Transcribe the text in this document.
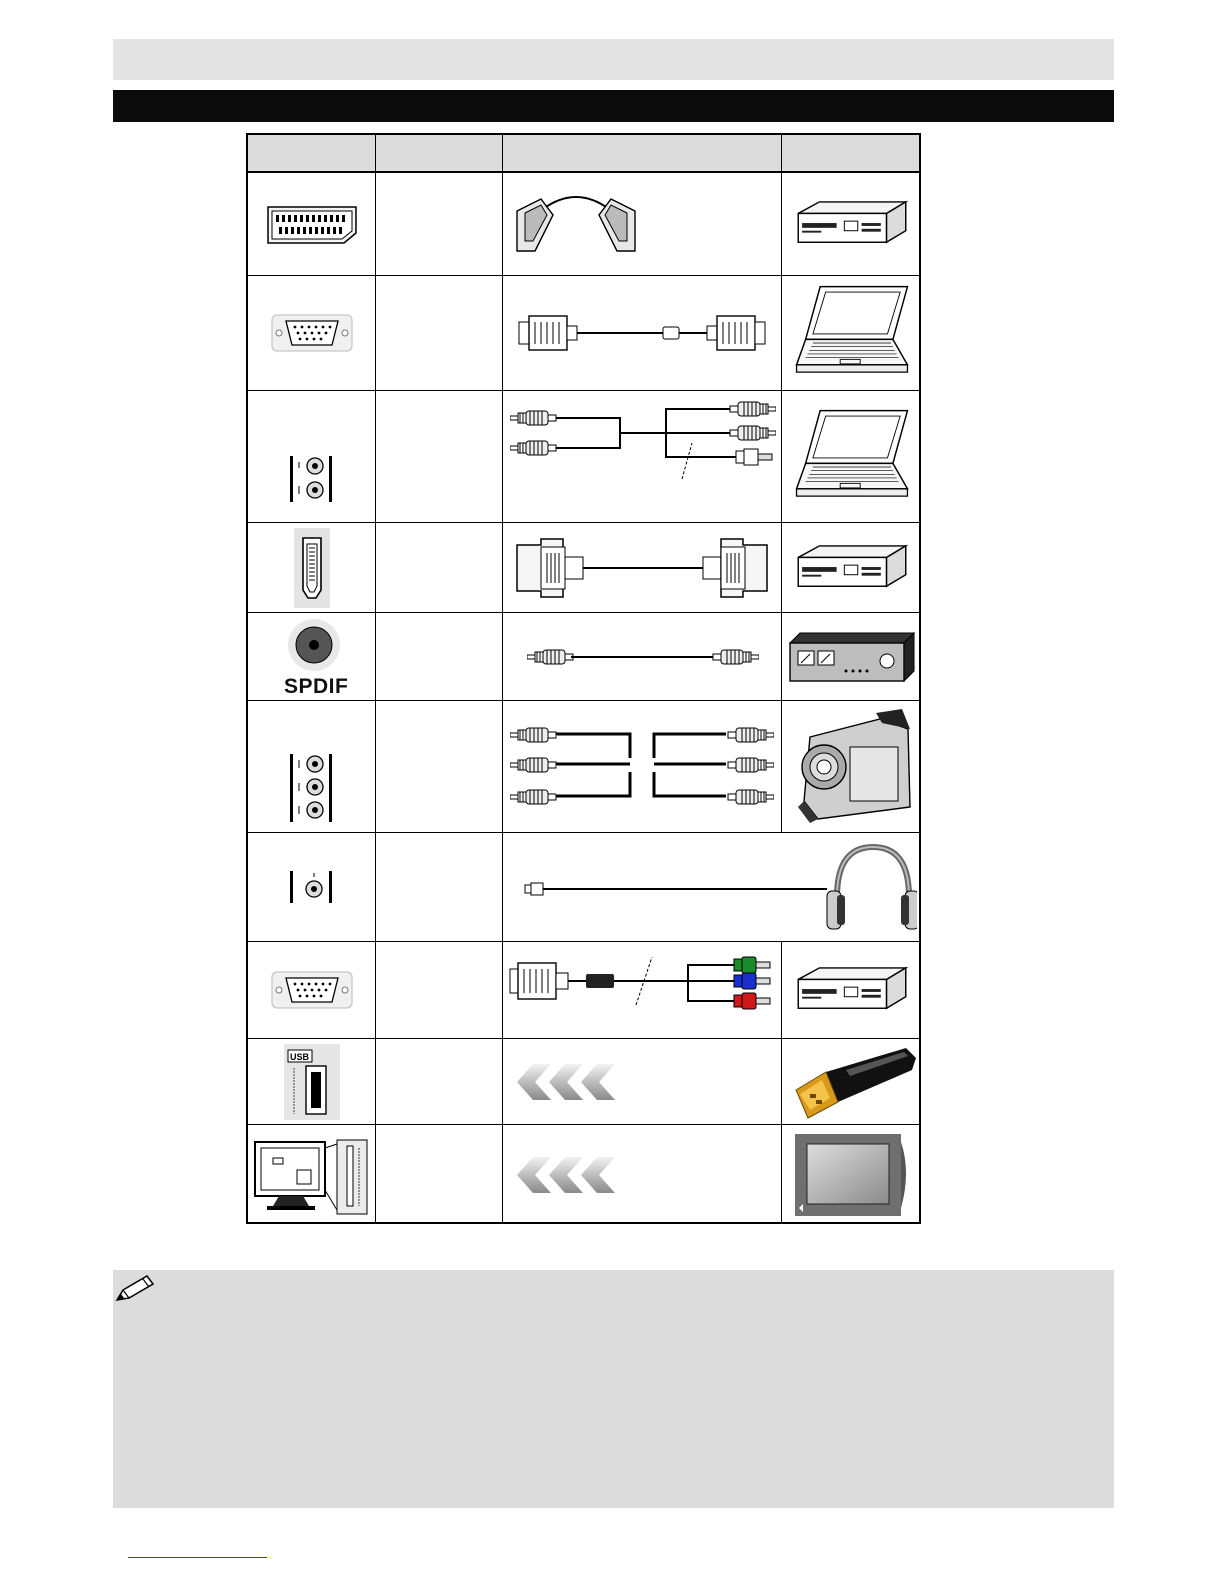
SPDIF
USB
